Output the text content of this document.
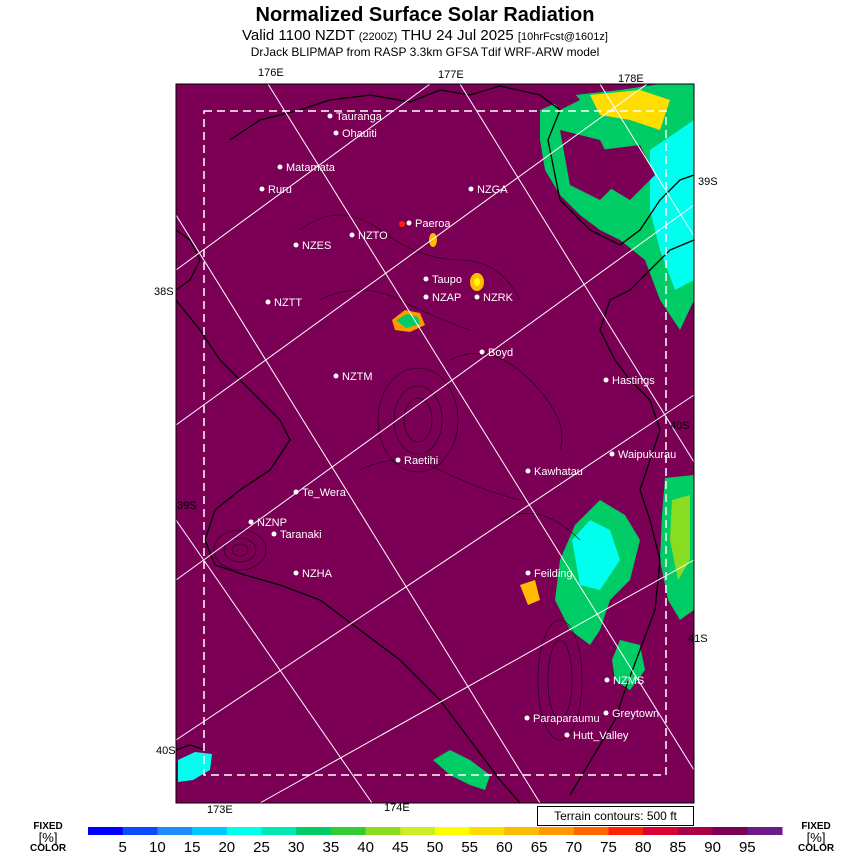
Normalized Surface Solar Radiation
Valid 1100 NZDT (2200Z) THU 24 Jul 2025 [10hrFcst@1601z]
DrJack BLIPMAP from RASP 3.3km GFSA Tdif WRF-ARW model
176E	177E	178E
173E	174E
38S
39S
40S
39S
40S
41S
Tauranga
Ohauiti
Matamata
Ruru	NZGA
Paeroa
NZTO
NZES
Taupo
NZAP NZRK
NZTT
Boyd
NZTM	Hastings
Raetihi	Waipukurau
Kawhatau
Te_Wera
NZNP
Taranaki
Feilding
NZHA
NZMS
Paraparaumu Greytown
Hutt_Valley
5 10 15 20 25 30 35 40 45 50 55 60 65 70 75 80 85 90 95
Terrain contours: 500 ft
FIXED
[%]
COLOR
FIXED
[%]
COLOR
